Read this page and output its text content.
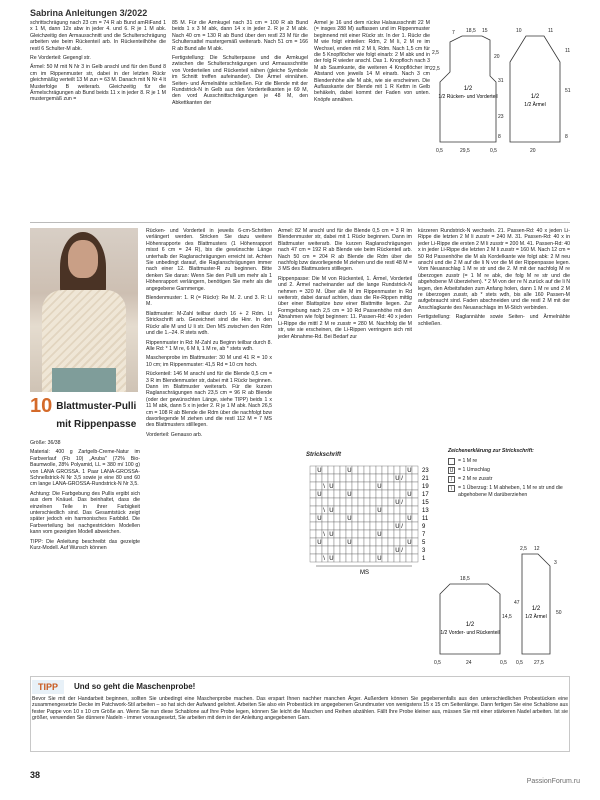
Sabrina Anleitungen 3/2022

schrittschrägung nach 23 cm = 74 R ab Bund amRiFand 1 x 1 M, dann 12x abw in jeder 4. und 6. R je 1 M abk. Gleichzeitig den Armausschnitt und die Schulterschrägung arbeiten wie beim Rückenteil arb. In Rückenteilhöhe die restl 6 Schulter-M abk.

Re Vorderteil: Gegengl str.

Ärmel: 50 M mit N Nr 3 in Gelb anschl und für den Bund 8 cm im Rippenmuster str, dabei in der letzten Rückr gleichmäßig verteilt 13 M zun = 63 M. Danach mit N Nr 4 lt Musterfolge B weiterarb. Gleichzeitig für die Ärmelschrägungen ab Bund beids 11 x in jeder 8. R je 1 M mustergemäß zun =

85 M. Für die Armkugel nach 31 cm = 100 R ab Bund beids 1 x 3 M abk, dann 14 x in jeder 2. R je 2 M abk. Nach 40 cm = 130 R ab Bund über den restl 23 M für die Schultersattel mustergemäß weiterarb. Nach 51 cm = 166 R ab Bund alle M abk.

Fertigstellung: Die Schulterpasse und die Armkugel zwischen die Schulterschrägungen und Armausschnitte von Vorderteilen und Rückenteil nähen (gleiche Symbole im Schnitt treffen aufeinander). Die Ärmel einnähen. Seiten- und Ärmelnähte schließen. Für die Blende mit der Rundstrick-N in Gelb aus den Vorderteilkanten je 69 M, den vord Ausschnittschrägungen je 48 M, den Abkettkanten der

Ärmel je 16 und dem rückw Halsausschnitt 22 M (= insges 288 M) auffassen und im Rippenmuster beginnend mit einer Rückr str. In der 1. Rückr die M wie folgt einteilen: Rdm, 2 M li, 2 M re im Wechsel, enden mit 2 M li, Rdm. Nach 1,5 cm für die 5 Knopflöcher wie folgt einarb: 2 M abk und in der folg R wieder anschl. Das 1. Knopfloch nach 3 M ab Saumkante, die weiteren 4 Knopflöcher im Abstand von jeweils 14 M einarb. Nach 3 cm Blendenhöhe alle M abk, wie sie erscheinen. Die Auflasskante der Blende mit 1 R Kettm in Gelb behäkeln, dabei kommt der Faden von unten. Knöpfe annähen.

1/2
1/2 Rücken- und Vorderteil	1/2
1/2 Ärmel
7 18,5 15
2,5
22,5
20
31
23
8
0,5	29,5	0,5
10	11
51
11
8
20
10 Blattmuster-Pulli mit Rippenpasse

Größe: 36/38

Material: 400 g Zartgelb-Creme-Natur im Farbverlauf (Fb 10) „Aruba" (72% Bio-Baumwolle, 28% Polyamid, LL = 380 m/ 100 g) von LANA GROSSA. 1 Paar LANA-GROSSA-Schnellstrick-N Nr 3,5 sowie je eine 80 und 60 cm lange LANA-GROSSA-Rundstrick-N Nr 3,5.

Achtung: Die Farbgebung des Pullis ergibt sich aus dem Knäuel. Das beinhaltet, dass die einzelnen Teile in ihrer Farbigkeit unterschiedlich sind. Das Gesamtstück zeigt später jedoch ein harmonisches Farbbild. Die Farbverteilung bei nachgestrickten Modellen kann vom gezeigten Modell abweichen.

TIPP: Die Anleitung beschreibt das gezeigte Kurz-Modell. Auf Wunsch können

Rücken- und Vorderteil in jeweils 6-cm-Schritten verlängert werden. Stricken Sie dazu weitere Höhenrapporte des Blattmusters (1 Höhenrapport misst 6 cm = 24 R), bis die gewünschte Länge unterhalb der Raglanschrägungen erreicht ist. Achten Sie unbedingt darauf, die Raglanschrägungen immer nach einer 12. Blattmuster-R zu beginnen. Bitte denken Sie daran: Wenn Sie den Pulli um mehr als 1 Höhenrapport verlängern, benötigen Sie mehr als die angegebene Garnmenge.

Blendenmuster: 1. R (= Rückr): Re M. 2. und 3. R: Li M.

Blattmuster: M-Zahl teilbar durch 16 + 2 Rdm. Lt Strickschrift arb. Gezeichnet sind die Hinr. In den Rückr alle M und U li str. Den MS zwischen den Rdm und die 1.–24. R stets wdh.

Rippenmuster in Rd: M-Zahl zu Beginn teilbar durch 8. Alle Rd: * 1 M re, 6 M li, 1 M re, ab * stets wdh.

Maschenprobe im Blattmuster: 30 M und 41 R = 10 x 10 cm; im Rippenmuster: 41,5 Rd = 10 cm hoch.

Rückenteil: 146 M anschl und für die Blende 0,5 cm = 3 R im Blendenmuster str, dabei mit 1 Rückr beginnen. Dann im Blattmuster weiterarb. Für die kurzen Raglanschrägungen nach 23,5 cm = 96 R ab Blende (oder der gewünschten Länge, siehe TIPP) beids 1 x 11 M abk, dann 5 x in jeder 2. R je 1 M abk. Nach 26,5 cm = 108 R ab Blende die Rdm über die nachfolgt bzw davorliegende M ziehen und die restl 112 M = 7 MS des Blattmusters stilllegen.

Vorderteil: Genauso arb.

Ärmel: 82 M anschl und für die Blende 0,5 cm = 3 R im Blendenmuster str, dabei mit 1 Rückr beginnen. Dann im Blattmuster weiterarb. Die kurzen Raglanschrägungen nach 47 cm = 192 R ab Blende wie beim Rückenteil arb. Nach 50 cm = 204 R ab Blende die Rdm über die nachfolg bzw davorliegende M ziehen und die restl 48 M = 3 MS des Blattmusters stilllegen.

Rippenpasse: Die M von Rückenteil, 1. Ärmel, Vorderteil und 2. Ärmel nacheinander auf die lange Rundstrick-N nehmen = 320 M. Über alle M im Rippenmuster in Rd weiterstr, dabei darauf achten, dass die Re-Rippen mittig über einer Blattspitze bzw einer Blattmitte liegen. Zur Formgebung nach 2,5 cm = 10 Rd Passenhöhe mit den Abnahmen wie folgt beginnen: 11. Passen-Rd: 40 x jeden Li-Rippe die mittl 2 M re zusstr = 280 M. Nachfolg die M str, wie sie erscheinen, die Li-Rippen verringern sich mit jeder Abnahme-Rd. Bei Bedarf zur

kürzeren Rundstrick-N wechseln. 21. Passen-Rd: 40 x jeden Li-Rippe die letzten 2 M li zusstr = 240 M. 31. Passen-Rd: 40 x in jeder Li-Rippe die ersten 2 M li zusstr = 200 M. 41. Passen-Rd: 40 x in jeder Li-Rippe die letzten 2 M li zusstr = 160 M. Nach 12 cm = 50 Rd Passenhöhe die M als Kordelkante wie folgt abk: 2 M neu anschl und die 2 M auf die li N vor die M der Rippenpasse legen. Vom Neuanschlag 1 M re str und die 2. M mit der nachfolg M re überzogen zusstr (= 1 M re abk, die folg M re str und die abgehobene M überziehen). * 2 M von der re N zurück auf die li N legen, den Arbeitsfaden zum Anfang holen, dann 1 M re und 2 M re überzogen zusstr, ab * stets wdh, bis alle 160 Passen-M aufgebraucht sind. Faden abschneiden und die restl 2 M mit der Anschlagkante des Neuanschlags im M-Stich verbinden.

Fertigstellung: Raglannähte sowie Seiten- und Ärmelnähte schließen.

Strickschrift
23
21
19
17
15
13
11
9
7
5
3
1
U	U
U
U /
U
\	U
U	U
U
U /
U
\	U
U	U
U
U /
U
\	U
U	U
U
U /
U
\	U
MS
Zeichenerklärung zur Strickschrift:
= 1 M re
U = 1 Umschlag
/	= 2 M re zusstr
\	= 1 Überzug: 1 M abheben, 1 M re str und die abgehobene M darüberziehen
1/2
1/2 Vorder- und Rückenteil
1/2
1/2 Ärmel
2,5 12
3
18,5
14,5
47
50
24
0,5	0,5 0,5 27,5
TIPP	Und so geht die Maschenprobe!
Bevor Sie mit der Handarbeit beginnen, sollten Sie unbedingt eine Maschenprobe machen. Das erspart Ihnen nachher manchen Ärger. Außerdem können Sie gegebenenfalls aus den unterschiedlichen Probestücken eine zusammengesetzte Decke im Patchwork-Stil arbeiten – so hat sich der Aufwand gelohnt. Arbeiten Sie also ein Probestück im angegebenen Grundmuster von wenigstens 15 x 15 cm Seitenlänge. Dann fertigen Sie eine Schablone aus fester Pappe von 10 x 10 cm Größe an. Wenn Sie nun diese Schablone auf Ihre Probe legen, können Sie leicht die Maschen und Reihen abzählen. Fällt Ihre Probe kleiner aus, müssen Sie mit einer stärkeren Nadel arbeiten. Ist sie größer, verwenden Sie dünnere Nadeln - immer vorausgesetzt, Sie arbeiten mit dem in der Anleitung angegebenen Garn.
38
PassionForum.ru
